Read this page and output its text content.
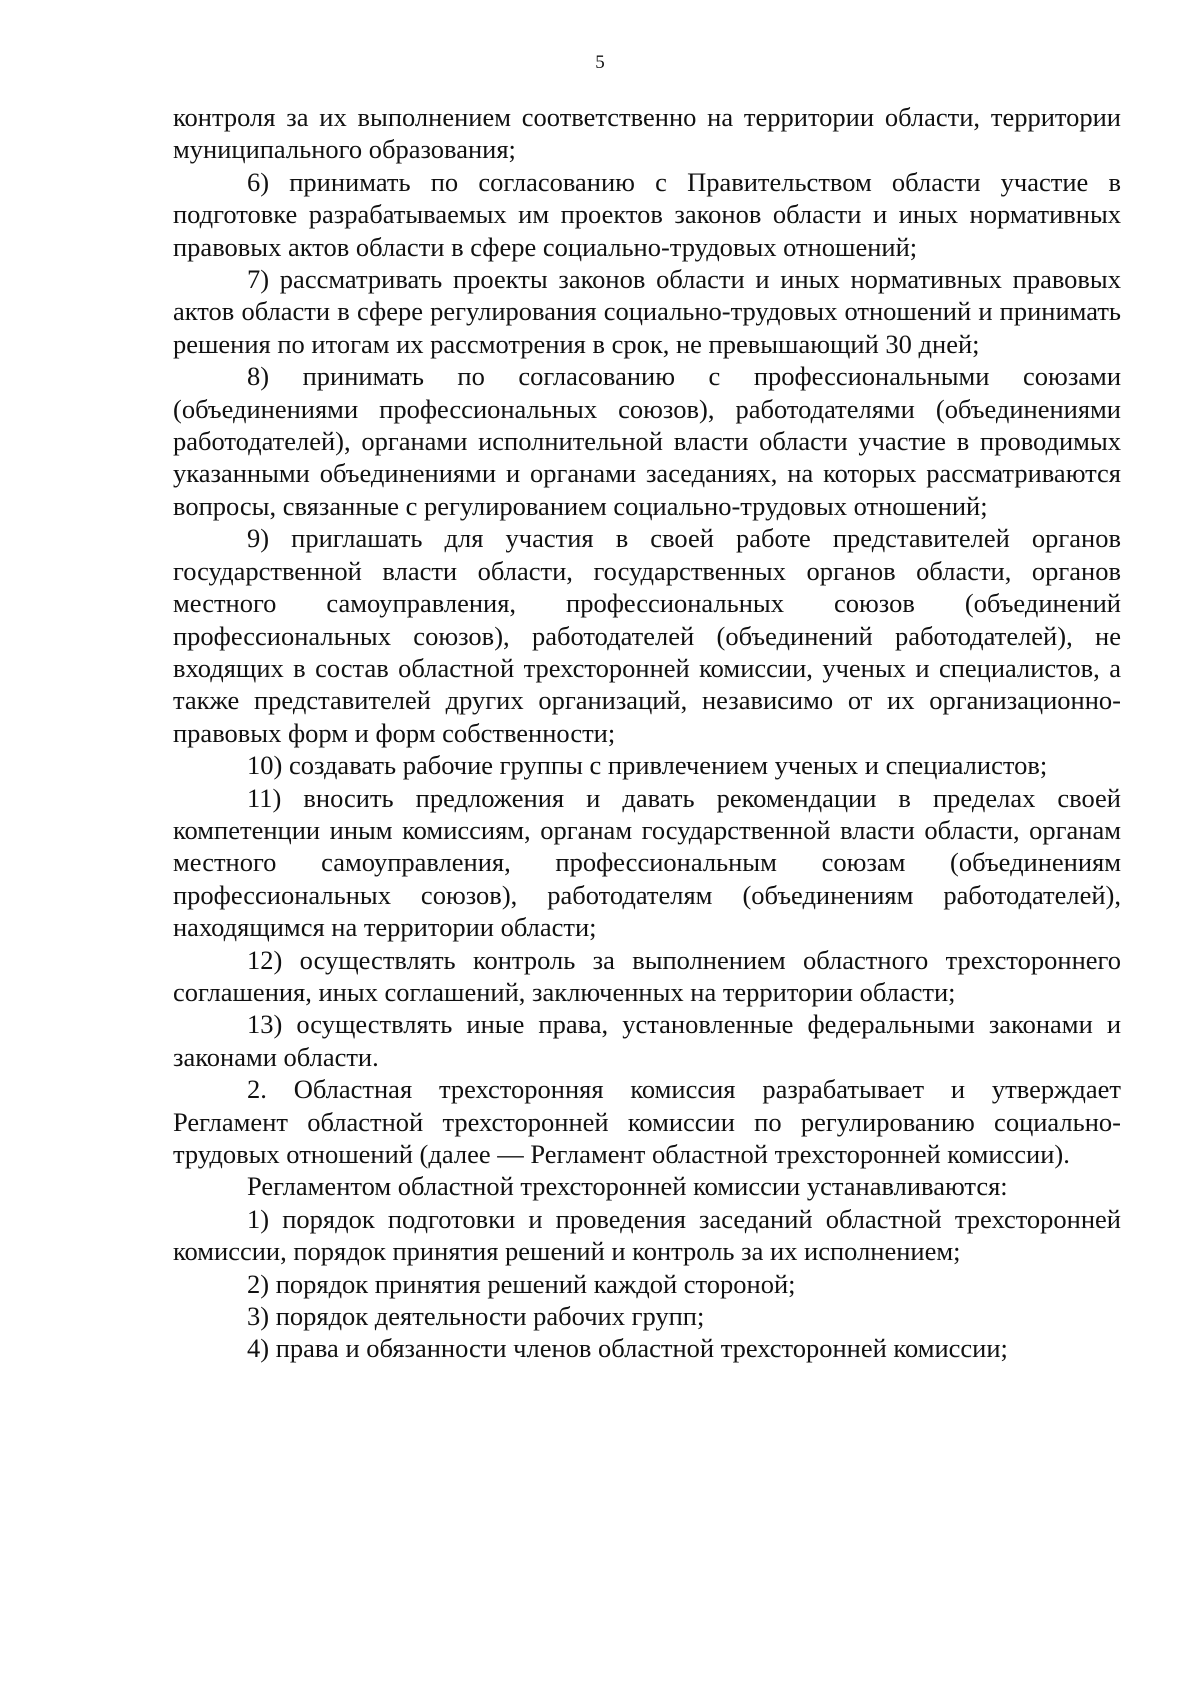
5

контроля за их выполнением соответственно на территории области, территории муниципального образования;

6) принимать по согласованию с Правительством области участие в подготовке разрабатываемых им проектов законов области и иных нормативных правовых актов области в сфере социально-трудовых отношений;

7) рассматривать проекты законов области и иных нормативных правовых актов области в сфере регулирования социально-трудовых отношений и принимать решения по итогам их рассмотрения в срок, не превышающий 30 дней;

8) принимать по согласованию с профессиональными союзами (объединениями профессиональных союзов), работодателями (объединениями работодателей), органами исполнительной власти области участие в проводимых указанными объединениями и органами заседаниях, на которых рассматриваются вопросы, связанные с регулированием социально-трудовых отношений;

9) приглашать для участия в своей работе представителей органов государственной власти области, государственных органов области, органов местного самоуправления, профессиональных союзов (объединений профессиональных союзов), работодателей (объединений работодателей), не входящих в состав областной трехсторонней комиссии, ученых и специалистов, а также представителей других организаций, независимо от их организационно-правовых форм и форм собственности;

10) создавать рабочие группы с привлечением ученых и специалистов;

11) вносить предложения и давать рекомендации в пределах своей компетенции иным комиссиям, органам государственной власти области, органам местного самоуправления, профессиональным союзам (объединениям профессиональных союзов), работодателям (объединениям работодателей), находящимся на территории области;

12) осуществлять контроль за выполнением областного трехстороннего соглашения, иных соглашений, заключенных на территории области;

13) осуществлять иные права, установленные федеральными законами и законами области.

2. Областная трехсторонняя комиссия разрабатывает и утверждает Регламент областной трехсторонней комиссии по регулированию социально-трудовых отношений (далее — Регламент областной трехсторонней комиссии).

Регламентом областной трехсторонней комиссии устанавливаются:

1) порядок подготовки и проведения заседаний областной трехсторонней комиссии, порядок принятия решений и контроль за их исполнением;

2) порядок принятия решений каждой стороной;

3) порядок деятельности рабочих групп;

4) права и обязанности членов областной трехсторонней комиссии;
